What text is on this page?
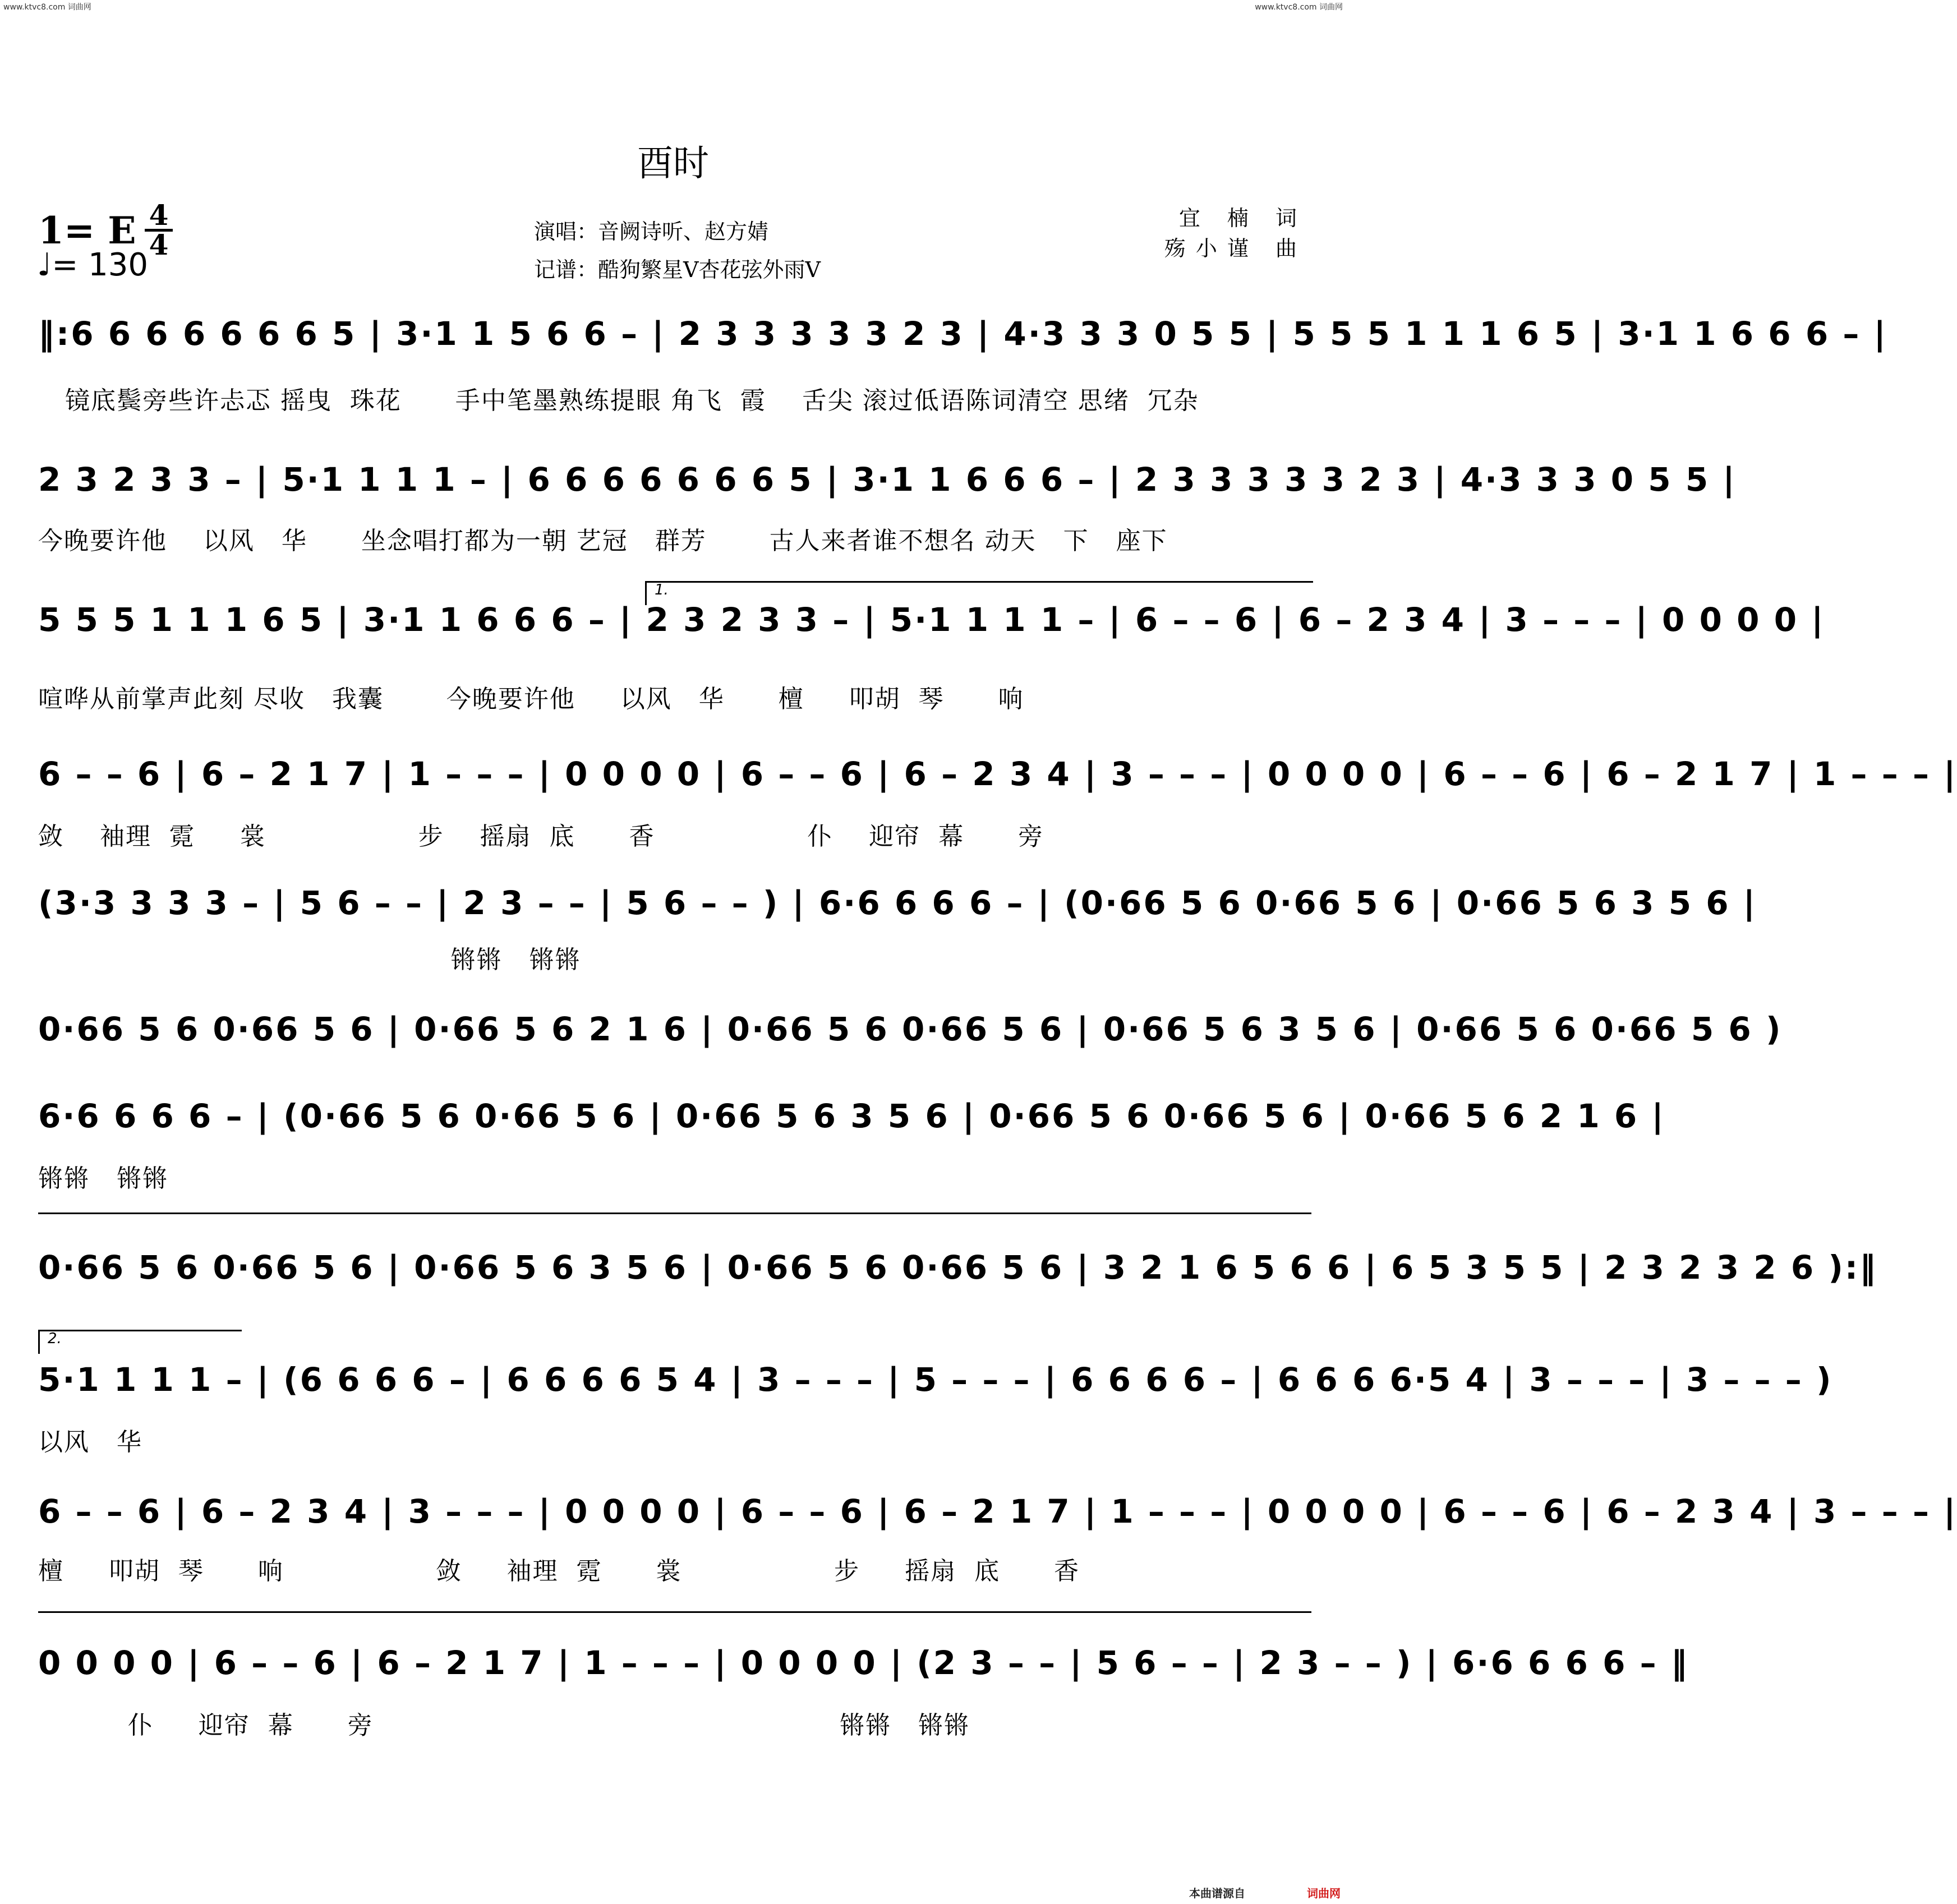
www.ktvc8.com 词曲网	www.ktvc8.com 词曲网
酉时
1= E 4
4
♩= 130
演唱：音阙诗听、赵方婧
记谱：酷狗繁星V杏花弦外雨V
宜 楠 词
殇小谨 曲
‖:6 6 6 6 6 6 6 5 | 3·1 1 5 6 6 – | 2 3 3 3 3 3 2 3 | 4·3 3 3 0 5 5 | 5 5 5 1 1 1 6 5 | 3·1 1 6 6 6 – |
镜底鬓旁些许忐忑 摇曳  珠花      手中笔墨熟练提眼 角飞  霞    舌尖 滚过低语陈词清空 思绪  冗杂
2 3 2 3 3 – | 5·1 1 1 1 – | 6 6 6 6 6 6 6 5 | 3·1 1 6 6 6 – | 2 3 3 3 3 3 2 3 | 4·3 3 3 0 5 5 |
今晚要许他    以风   华      坐念唱打都为一朝 艺冠   群芳       古人来者谁不想名 动天   下   座下
1.
5 5 5 1 1 1 6 5 | 3·1 1 6 6 6 – | 2 3 2 3 3 – | 5·1 1 1 1 – | 6 – – 6 | 6 – 2 3 4 | 3 – – – | 0 0 0 0 |
喧哗从前掌声此刻 尽收   我囊       今晚要许他     以风   华      檀     叩胡  琴      响
6 – – 6 | 6 – 2 1 7 | 1 – – – | 0 0 0 0 | 6 – – 6 | 6 – 2 3 4 | 3 – – – | 0 0 0 0 | 6 – – 6 | 6 – 2 1 7 | 1 – – – |
敛    袖理  霓     裳                 步    摇扇  底      香                 仆    迎帘  幕      旁
(3·3 3 3 3 – | 5 6 – – | 2 3 – – | 5 6 – – ) | 6·6 6 6 6 – | (0·66 5 6 0·66 5 6 | 0·66 5 6 3 5 6 |
锵锵   锵锵
0·66 5 6 0·66 5 6 | 0·66 5 6 2 1 6 | 0·66 5 6 0·66 5 6 | 0·66 5 6 3 5 6 | 0·66 5 6 0·66 5 6 )
6·6 6 6 6 – | (0·66 5 6 0·66 5 6 | 0·66 5 6 3 5 6 | 0·66 5 6 0·66 5 6 | 0·66 5 6 2 1 6 |
锵锵   锵锵
0·66 5 6 0·66 5 6 | 0·66 5 6 3 5 6 | 0·66 5 6 0·66 5 6 | 3 2 1 6 5 6 6 | 6 5 3 5 5 | 2 3 2 3 2 6 ):‖
2.
5·1 1 1 1 – | (6 6 6 6 – | 6 6 6 6 5 4 | 3 – – – | 5 – – – | 6 6 6 6 – | 6 6 6 6·5 4 | 3 – – – | 3 – – – )
以风   华
6 – – 6 | 6 – 2 3 4 | 3 – – – | 0 0 0 0 | 6 – – 6 | 6 – 2 1 7 | 1 – – – | 0 0 0 0 | 6 – – 6 | 6 – 2 3 4 | 3 – – – |
檀     叩胡  琴      响                 敛     袖理  霓      裳                 步     摇扇  底      香
0 0 0 0 | 6 – – 6 | 6 – 2 1 7 | 1 – – – | 0 0 0 0 | (2 3 – – | 5 6 – – | 2 3 – – ) | 6·6 6 6 6 – ‖
仆     迎帘  幕      旁                                                    锵锵   锵锵
本曲谱源自	词曲网
